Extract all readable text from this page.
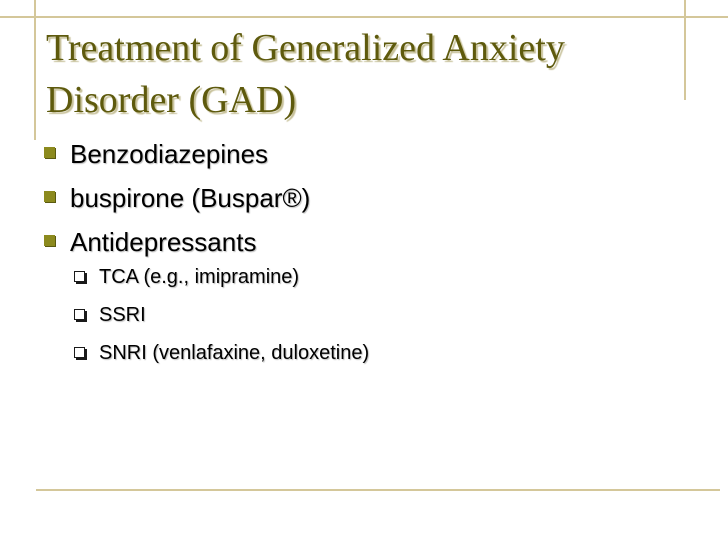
Treatment of Generalized Anxiety
Disorder (GAD)
Benzodiazepines
buspirone (Buspar®)
Antidepressants
TCA (e.g., imipramine)
SSRI
SNRI (venlafaxine, duloxetine)
